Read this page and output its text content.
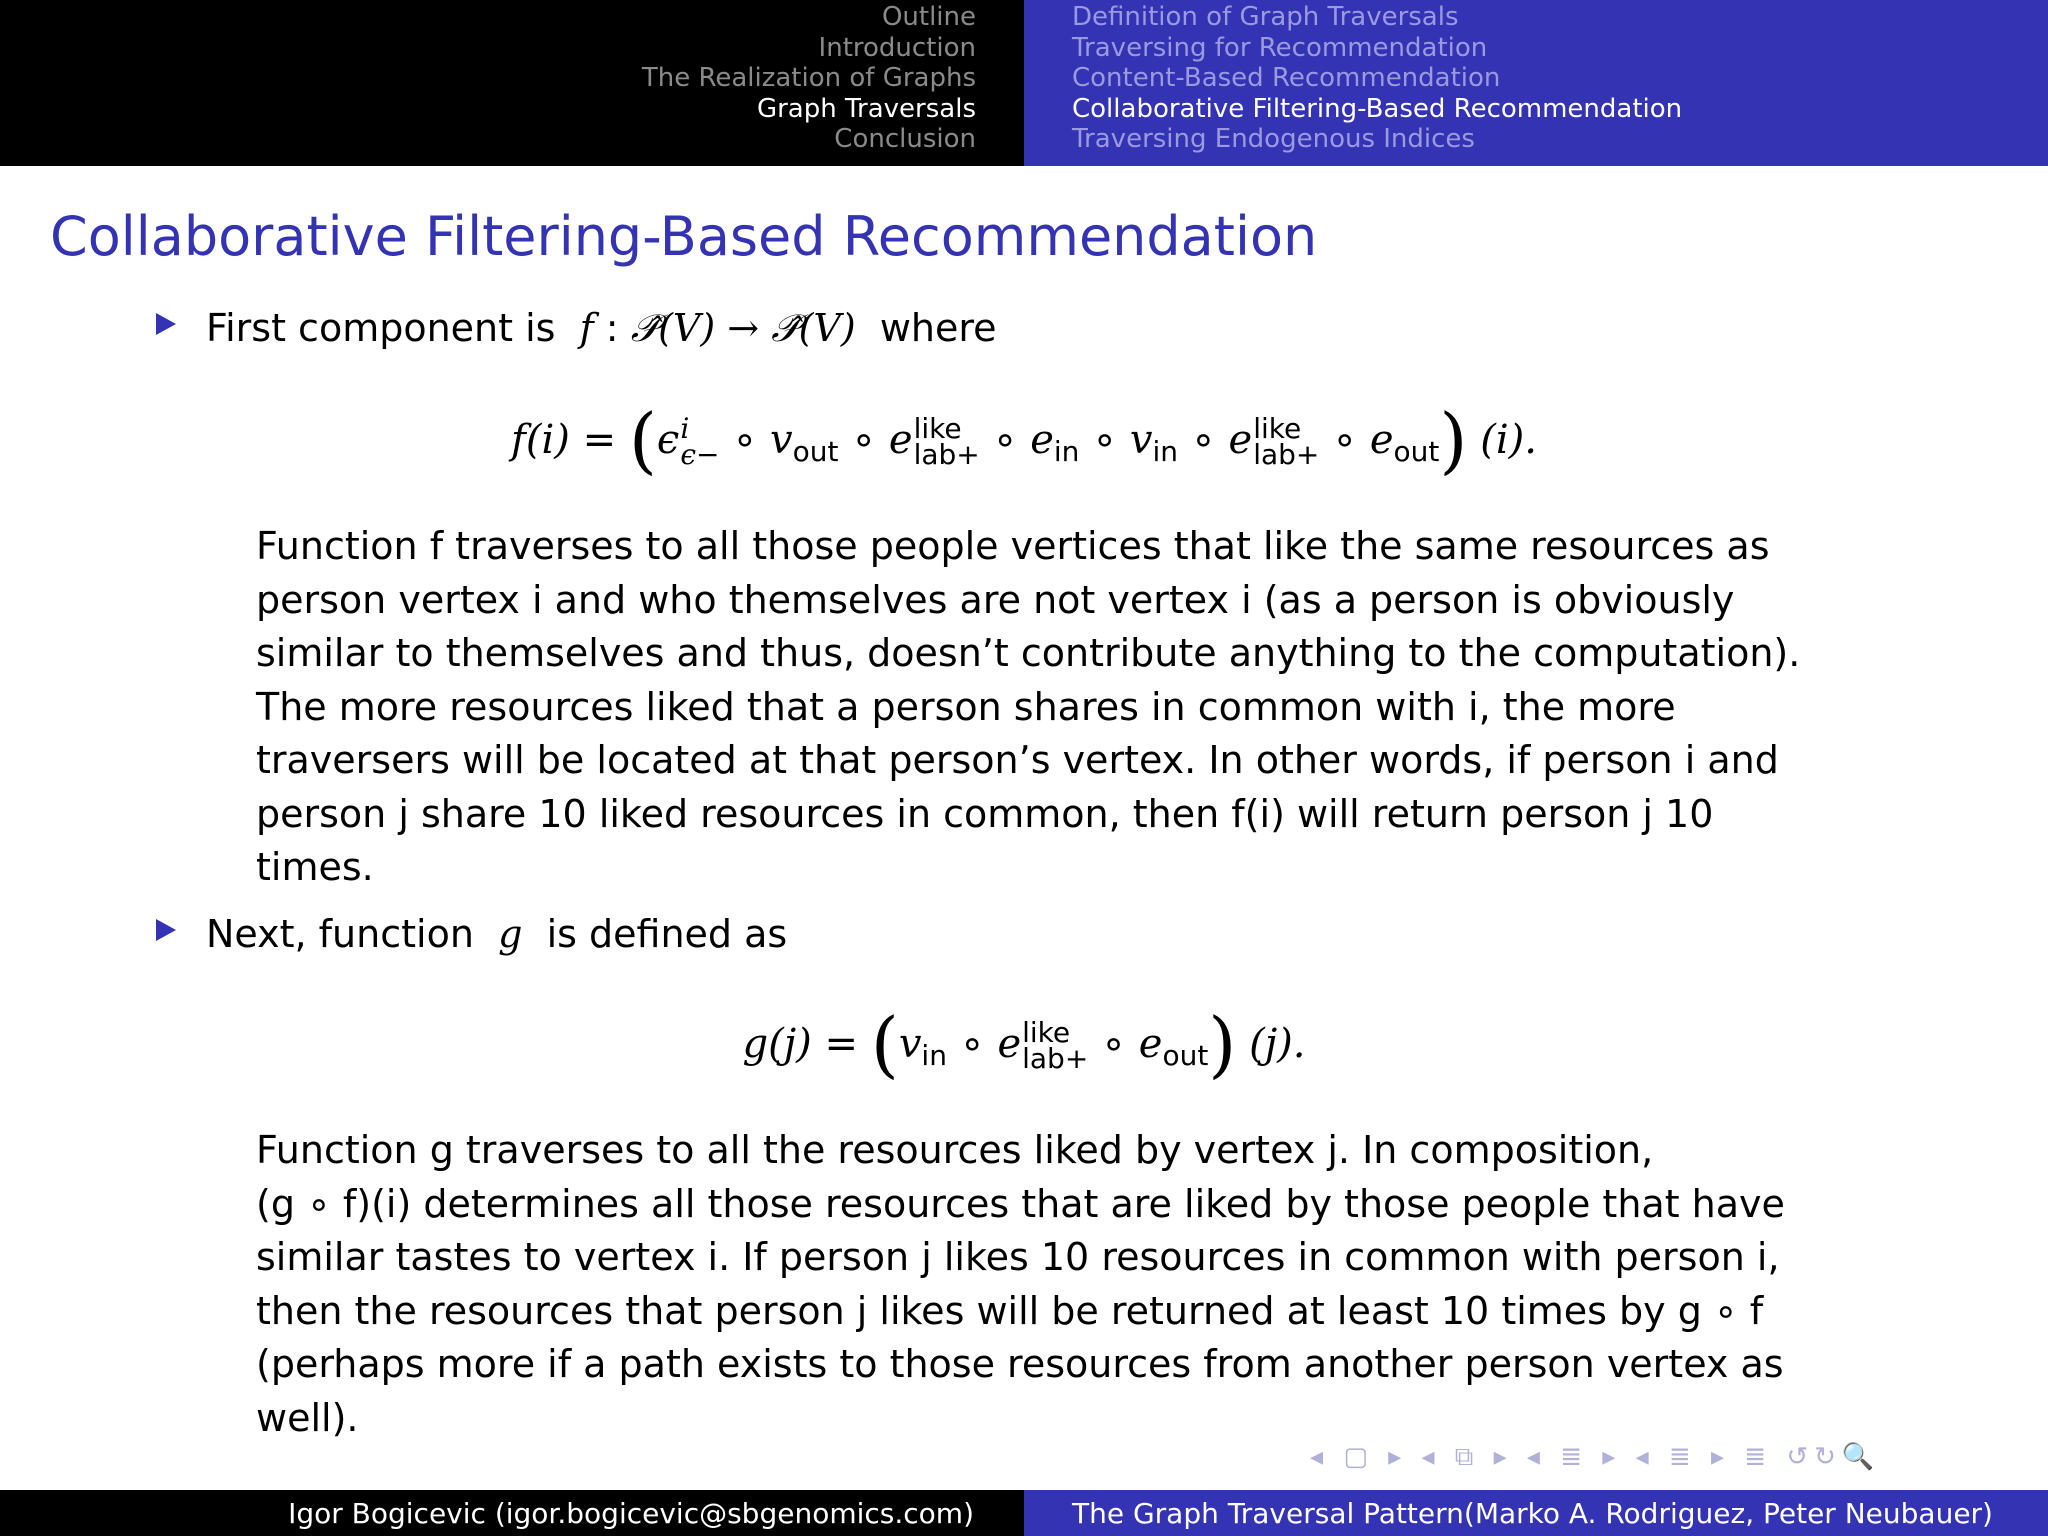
Outline
Introduction
The Realization of Graphs
Graph Traversals
Conclusion
Definition of Graph Traversals
Traversing for Recommendation
Content-Based Recommendation
Collaborative Filtering-Based Recommendation
Traversing Endogenous Indices
Collaborative Filtering-Based Recommendation
First component is  f : 𝒫̂(V) → 𝒫̂(V)  where
f(i) = (ϵ i
ϵ− ∘ $v_{out}$ ∘ e like
lab+ ∘ $e_{in}$ ∘ $v_{in}$ ∘ e like
lab+ ∘ $e_{out}$) (i).
Function f traverses to all those people vertices that like the same resources as
person vertex i and who themselves are not vertex i (as a person is obviously
similar to themselves and thus, doesn’t contribute anything to the computation).
The more resources liked that a person shares in common with i, the more
traversers will be located at that person’s vertex. In other words, if person i and
person j share 10 liked resources in common, then f(i) will return person j 10
times.
Next, function  g  is defined as
$g(j) = (v_{in}$ ∘ e like
lab+ ∘ $e_{out}$) (j).
Function g traverses to all the resources liked by vertex j. In composition,
(g ∘ f)(i) determines all those resources that are liked by those people that have
similar tastes to vertex i. If person j likes 10 resources in common with person i,
then the resources that person j likes will be returned at least 10 times by g ∘ f
(perhaps more if a path exists to those resources from another person vertex as
well).
◂ ▢ ▸ ◂ ⧉ ▸ ◂ ≣ ▸ ◂ ≣ ▸ ≣ ↺↻🔍
Igor Bogicevic (igor.bogicevic@sbgenomics.com)	The Graph Traversal Pattern(Marko A. Rodriguez, Peter Neubauer)
